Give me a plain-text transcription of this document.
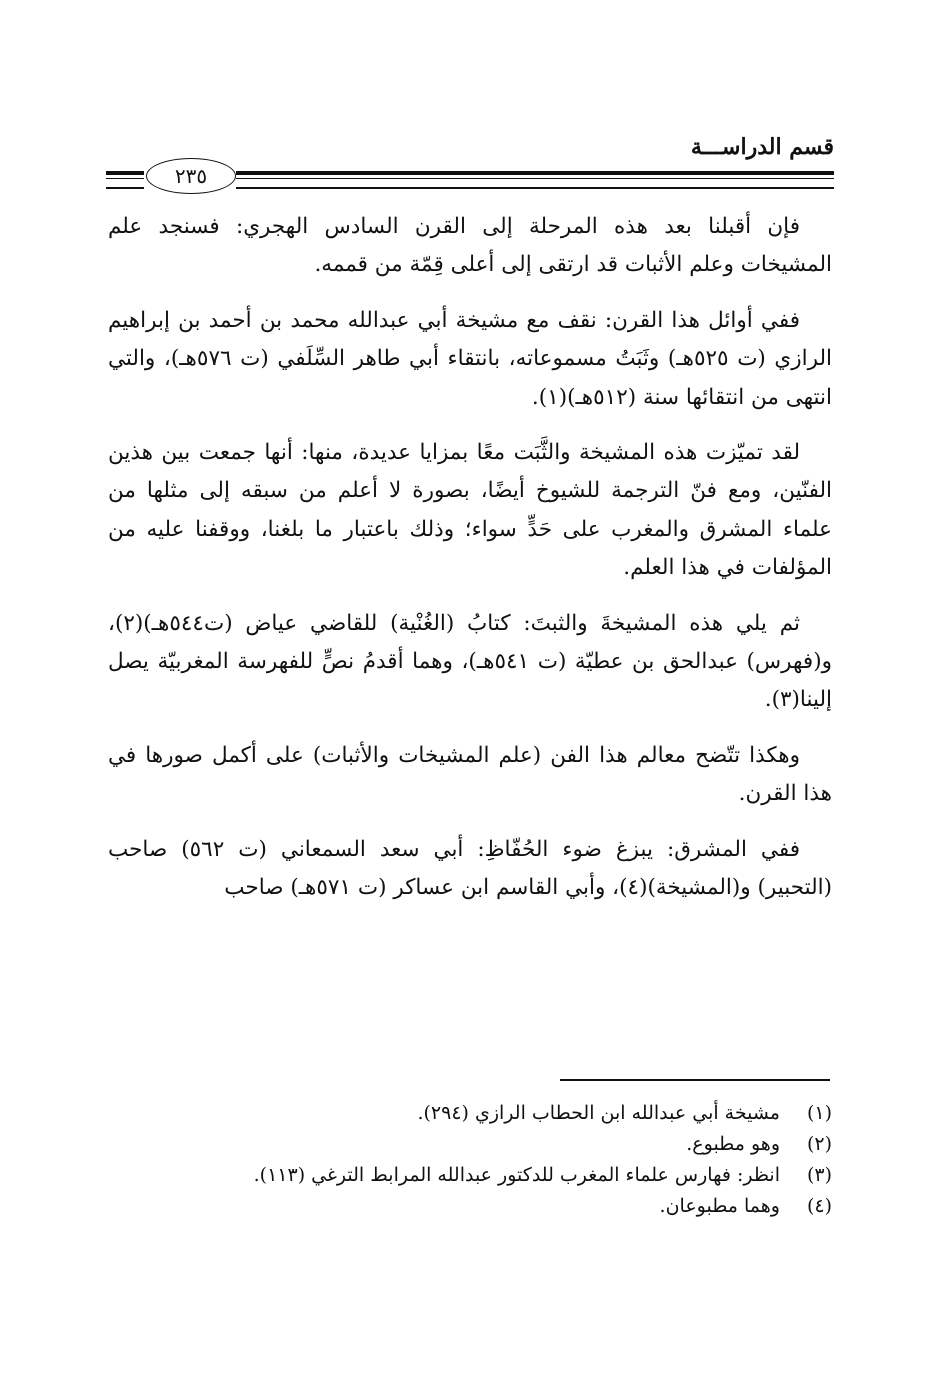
قسم الدراســـة
٢٣٥

فإن أقبلنا بعد هذه المرحلة إلى القرن السادس الهجري: فسنجد علم المشيخات وعلم الأثبات قد ارتقى إلى أعلى قِمّة من قممه.

ففي أوائل هذا القرن: نقف مع مشيخة أبي عبدالله محمد بن أحمد بن إبراهيم الرازي (ت ٥٢٥هـ) وثَبَتُ مسموعاته، بانتقاء أبي طاهر السِّلَفي (ت ٥٧٦هـ)، والتي انتهى من انتقائها سنة (٥١٢هـ)(١).

لقد تميّزت هذه المشيخة والثَّبَت معًا بمزايا عديدة، منها: أنها جمعت بين هذين الفنّين، ومع فنّ الترجمة للشيوخ أيضًا، بصورة لا أعلم من سبقه إلى مثلها من علماء المشرق والمغرب على حَدٍّ سواء؛ وذلك باعتبار ما بلغنا، ووقفنا عليه من المؤلفات في هذا العلم.

ثم يلي هذه المشيخةَ والثبتَ: كتابُ (الغُنْية) للقاضي عياض (ت٥٤٤هـ)(٢)، و(فهرس) عبدالحق بن عطيّة (ت ٥٤١هـ)، وهما أقدمُ نصٍّ للفهرسة المغربيّة يصل إلينا(٣).

وهكذا تتّضح معالم هذا الفن (علم المشيخات والأثبات) على أكمل صورها في هذا القرن.

ففي المشرق: يبزغ ضوء الحُفّاظِ: أبي سعد السمعاني (ت ٥٦٢) صاحب (التحبير) و(المشيخة)(٤)، وأبي القاسم ابن عساكر (ت ٥٧١هـ) صاحب

(١)
مشيخة أبي عبدالله ابن الحطاب الرازي (٢٩٤).
(٢)
وهو مطبوع.
(٣)
انظر: فهارس علماء المغرب للدكتور عبدالله المرابط الترغي (١١٣).
(٤)
وهما مطبوعان.
